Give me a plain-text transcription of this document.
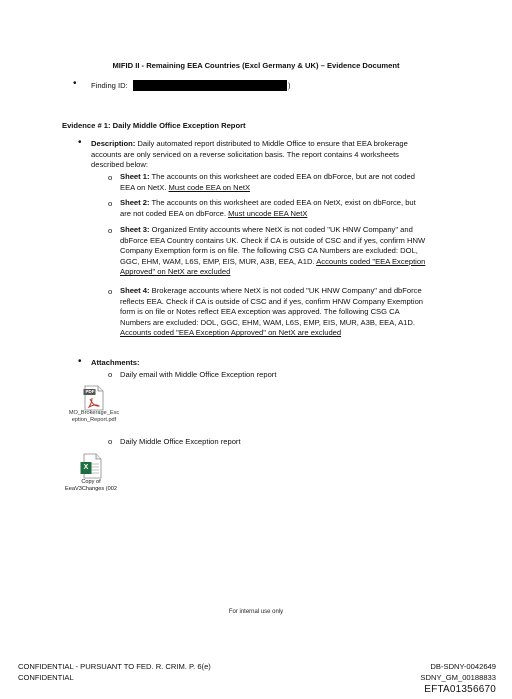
MIFID II - Remaining EEA Countries (Excl Germany & UK) – Evidence Document
• Finding ID:	)
Evidence # 1: Daily Middle Office Exception Report
• Description: Daily automated report distributed to Middle Office to ensure that EEA brokerage
accounts are only serviced on a reverse solicitation basis. The report contains 4 worksheets
described below:
o Sheet 1: The accounts on this worksheet are coded EEA on dbForce, but are not coded
EEA on NetX. Must code EEA on NetX
o Sheet 2: The accounts on this worksheet are coded EEA on NetX, exist on dbForce, but
are not coded EEA on dbForce. Must uncode EEA NetX
o Sheet 3: Organized Entity accounts where NetX is not coded "UK HNW Company" and
dbForce EEA Country contains UK. Check if CA is outside of CSC and if yes, confirm HNW
Company Exemption form is on file. The following CSG CA Numbers are excluded: DOL,
GGC, EHM, WAM, L6S, EMP, EIS, MUR, A3B, EEA, A1D. Accounts coded "EEA Exception
Approved" on NetX are excluded
o Sheet 4: Brokerage accounts where NetX is not coded "UK HNW Company" and dbForce
reflects EEA. Check if CA is outside of CSC and if yes, confirm HNW Company Exemption
form is on file or Notes reflect EEA exception was approved. The following CSG CA
Numbers are excluded: DOL, GGC, EHM, WAM, L6S, EMP, EIS, MUR, A3B, EEA, A1D.
Accounts coded "EEA Exception Approved" on NetX are excluded
• Attachments:
o Daily email with Middle Office Exception report
PDF
MO_Brokerage_Exc
eption_Report.pdf
o Daily Middle Office Exception report
X
Copy of
EeaV3Changes (002
For internal use only
CONFIDENTIAL - PURSUANT TO FED. R. CRIM. P. 6(e)
CONFIDENTIAL
DB-SDNY-0042649
SDNY_GM_00188833
EFTA01356670
